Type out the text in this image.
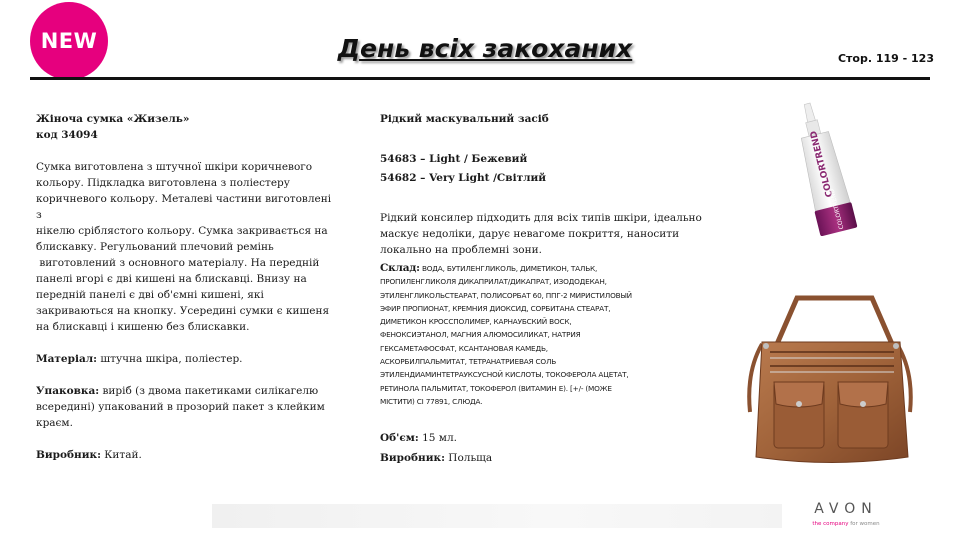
NEW	День всіх закоханих	Стор. 119 - 123

Жіноча сумка «Жизель»

код 34094

Сумка виготовлена з штучної шкіри коричневого

кольору. Підкладка виготовлена з поліестеру

коричневого кольору. Металеві частини виготовлені з

нікелю сріблястого кольору. Сумка закривається на

блискавку. Регульований плечовий ремінь

виготовлений з основного матеріалу. На передній

панелі вгорі є дві кишені на блискавці. Внизу на

передній панелі є дві об'ємні кишені, які

закриваються на кнопку. Усередині сумки є кишеня

на блискавці і кишеню без блискавки.

Матеріал: штучна шкіра, поліестер.

Упаковка: виріб (з двома пакетиками силікагелю

всередині) упакований в прозорий пакет з клейким

краєм.

Виробник: Китай.

Рідкий маскувальний засіб

54683 – Light / Бежевий

54682 – Very Light /Світлий

Рідкий консилер підходить для всіх типів шкіри, ідеально

маскує недоліки, дарує невагоме покриття, наносити

локально на проблемні зони.

Склад: ВОДА, БУТИЛЕНГЛИКОЛЬ, ДИМЕТИКОН, ТАЛЬК,
ПРОПИЛЕНГЛИКОЛЯ ДИКАПРИЛАТ/ДИКАПРАТ, ИЗОДОДЕКАН,
ЭТИЛЕНГЛИКОЛЬСТЕАРАТ, ПОЛИСОРБАТ 60, ППГ-2 МИРИСТИЛОВЫЙ
ЭФИР ПРОПИОНАТ, КРЕМНИЯ ДИОКСИД, СОРБИТАНА СТЕАРАТ,
ДИМЕТИКОН КРОССПОЛИМЕР, КАРНАУБСКИЙ ВОСК,
ФЕНОКСИЭТАНОЛ, МАГНИЯ АЛЮМОСИЛИКАТ, НАТРИЯ
ГЕКСАМЕТАФОСФАТ, КСАНТАНОВАЯ КАМЕДЬ,
АСКОРБИЛПАЛЬМИТАТ, ТЕТРАНАТРИЕВАЯ СОЛЬ
ЭТИЛЕНДИАМИНТЕТРАУКСУСНОЙ КИСЛОТЫ, ТОКОФЕРОЛА АЦЕТАТ,
РЕТИНОЛА ПАЛЬМИТАТ, ТОКОФЕРОЛ (ВИТАМИН Е). [+/- (МОЖЕ
МІСТИТИ) CI 77891, СЛЮДА.

Об'єм: 15 мл.

Виробник: Польща

COLORTREND
COLORTREND
AVON
the company for women
